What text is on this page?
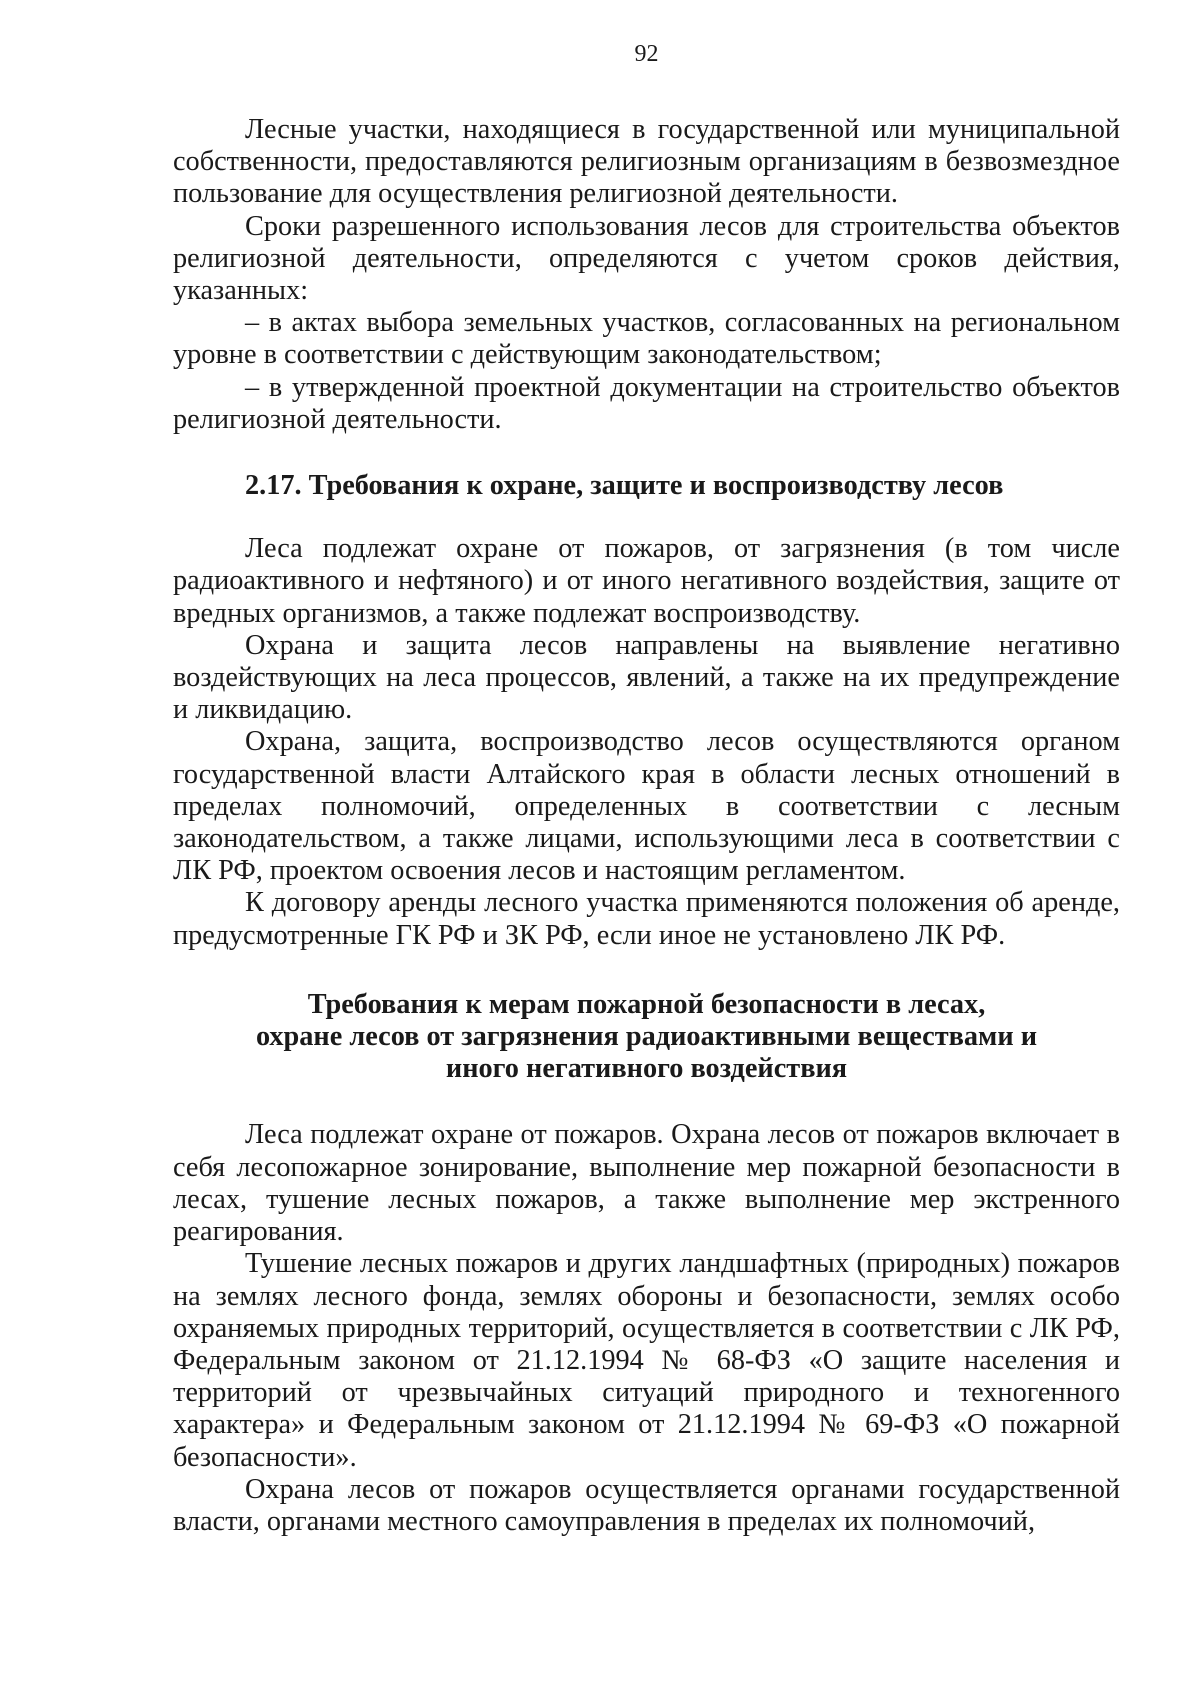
92

Лесные участки, находящиеся в государственной или муниципальной собственности, предоставляются религиозным организациям в безвозмездное пользование для осуществления религиозной деятельности.

Сроки разрешенного использования лесов для строительства объектов религиозной деятельности, определяются с учетом сроков действия, указанных:

– в актах выбора земельных участков, согласованных на региональном уровне в соответствии с действующим законодательством;

– в утвержденной проектной документации на строительство объектов религиозной деятельности.

2.17. Требования к охране, защите и воспроизводству лесов

Леса подлежат охране от пожаров, от загрязнения (в том числе радиоактивного и нефтяного) и от иного негативного воздействия, защите от вредных организмов, а также подлежат воспроизводству.

Охрана и защита лесов направлены на выявление негативно воздействующих на леса процессов, явлений, а также на их предупреждение и ликвидацию.

Охрана, защита, воспроизводство лесов осуществляются органом государственной власти Алтайского края в области лесных отношений в пределах полномочий, определенных в соответствии с лесным законодательством, а также лицами, использующими леса в соответствии с ЛК РФ, проектом освоения лесов и настоящим регламентом.

К договору аренды лесного участка применяются положения об аренде, предусмотренные ГК РФ и ЗК РФ, если иное не установлено ЛК РФ.

Требования к мерам пожарной безопасности в лесах,

охране лесов от загрязнения радиоактивными веществами и

иного негативного воздействия

Леса подлежат охране от пожаров. Охрана лесов от пожаров включает в себя лесопожарное зонирование, выполнение мер пожарной безопасности в лесах, тушение лесных пожаров, а также выполнение мер экстренного реагирования.

Тушение лесных пожаров и других ландшафтных (природных) пожаров на землях лесного фонда, землях обороны и безопасности, землях особо охраняемых природных территорий, осуществляется в соответствии с ЛК РФ, Федеральным законом от 21.12.1994 № 68-ФЗ «О защите населения и территорий от чрезвычайных ситуаций природного и техногенного характера» и Федеральным законом от 21.12.1994 № 69-ФЗ «О пожарной безопасности».

Охрана лесов от пожаров осуществляется органами государственной власти, органами местного самоуправления в пределах их полномочий,
